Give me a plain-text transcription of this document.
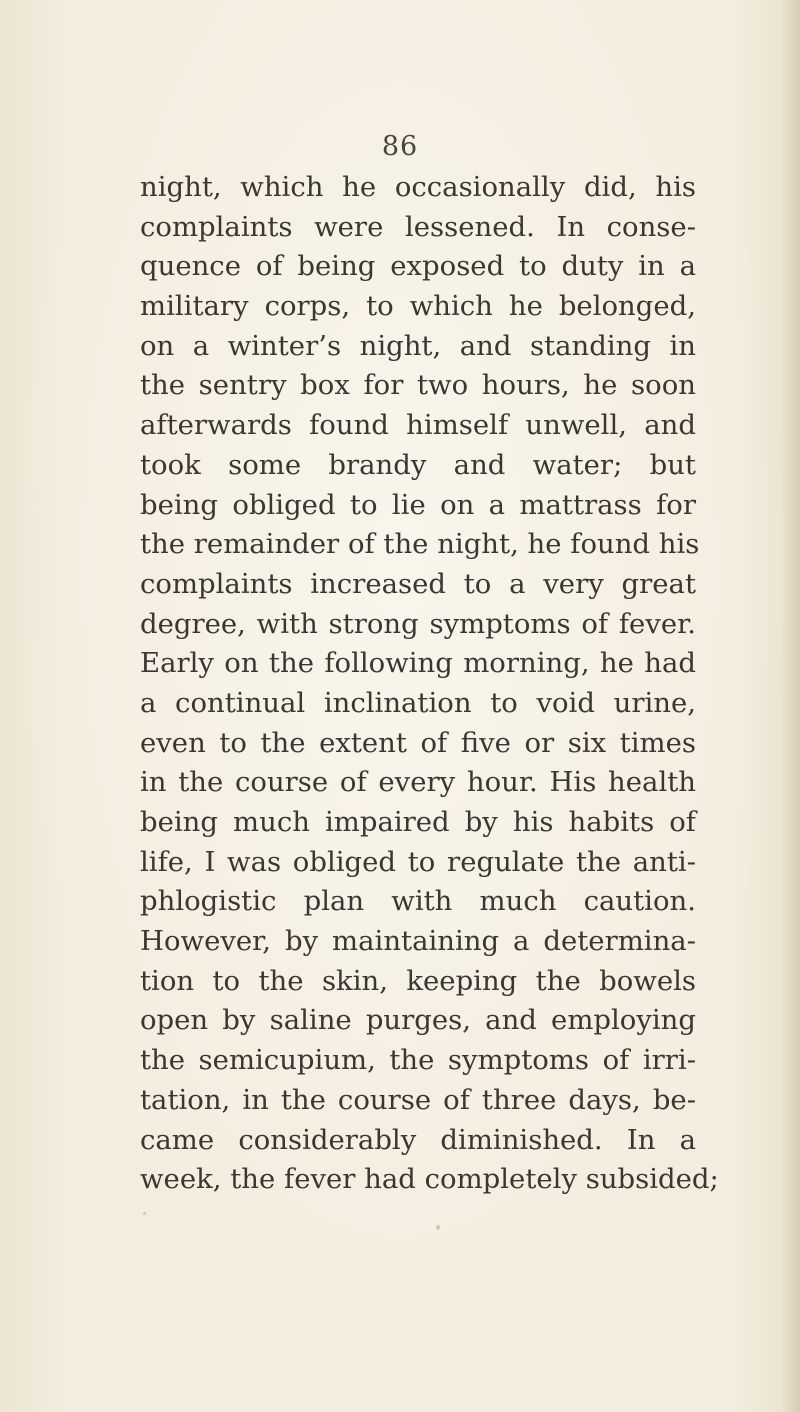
86
night, which he occasionally did, his
complaints were lessened. In conse-
quence of being exposed to duty in a
military corps, to which he belonged,
on a winter’s night, and standing in
the sentry box for two hours, he soon
afterwards found himself unwell, and
took some brandy and water; but
being obliged to lie on a mattrass for
the remainder of the night, he found his
complaints increased to a very great
degree, with strong symptoms of fever.
Early on the following morning, he had
a continual inclination to void urine,
even to the extent of five or six times
in the course of every hour. His health
being much impaired by his habits of
life, I was obliged to regulate the anti-
phlogistic plan with much caution.
However, by maintaining a determina-
tion to the skin, keeping the bowels
open by saline purges, and employing
the semicupium, the symptoms of irri-
tation, in the course of three days, be-
came considerably diminished. In a
week, the fever had completely subsided;
